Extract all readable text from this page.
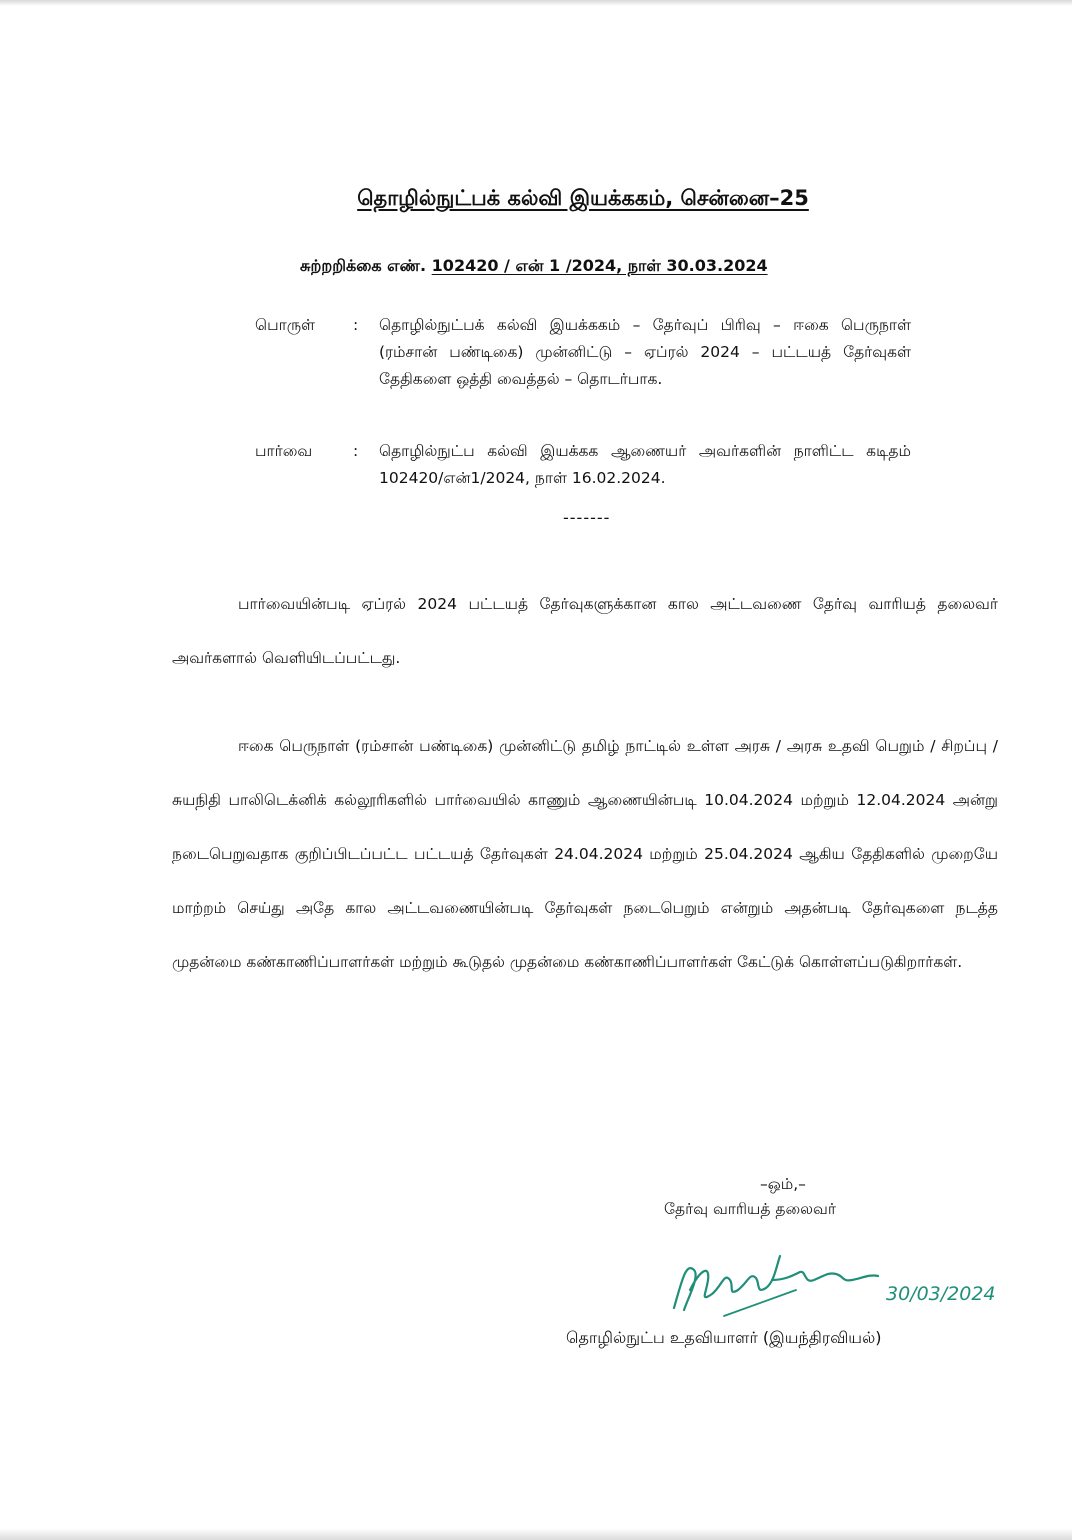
தொழில்நுட்பக் கல்வி இயக்ககம், சென்னை–25
சுற்றறிக்கை எண். 102420 / என் 1 /2024, நாள் 30.03.2024
பொருள்	: தொழில்நுட்பக் கல்வி இயக்ககம் – தேர்வுப் பிரிவு – ஈகை பெருநாள் (ரம்சான் பண்டிகை) முன்னிட்டு – ஏப்ரல் 2024 – பட்டயத் தேர்வுகள் தேதிகளை ஒத்தி வைத்தல் – தொடர்பாக.
பார்வை	: தொழில்நுட்ப கல்வி இயக்கக ஆணையர் அவர்களின் நாளிட்ட கடிதம் 102420/என்1/2024, நாள் 16.02.2024.
-------
பார்வையின்படி ஏப்ரல் 2024 பட்டயத் தேர்வுகளுக்கான கால அட்டவணை தேர்வு வாரியத் தலைவர் அவர்களால் வெளியிடப்பட்டது.
ஈகை பெருநாள் (ரம்சான் பண்டிகை) முன்னிட்டு தமிழ் நாட்டில் உள்ள அரசு / அரசு உதவி பெறும் / சிறப்பு / சுயநிதி பாலிடெக்னிக் கல்லூரிகளில் பார்வையில் காணும் ஆணையின்படி 10.04.2024 மற்றும் 12.04.2024 அன்று நடைபெறுவதாக குறிப்பிடப்பட்ட பட்டயத் தேர்வுகள் 24.04.2024 மற்றும் 25.04.2024 ஆகிய தேதிகளில் முறையே மாற்றம் செய்து அதே கால அட்டவணையின்படி தேர்வுகள் நடைபெறும் என்றும் அதன்படி தேர்வுகளை நடத்த முதன்மை கண்காணிப்பாளர்கள் மற்றும் கூடுதல் முதன்மை கண்காணிப்பாளர்கள் கேட்டுக் கொள்ளப்படுகிறார்கள்.
–ஒம்,–
தேர்வு வாரியத் தலைவர்
30/03/2024
தொழில்நுட்ப உதவியாளர் (இயந்திரவியல்)
